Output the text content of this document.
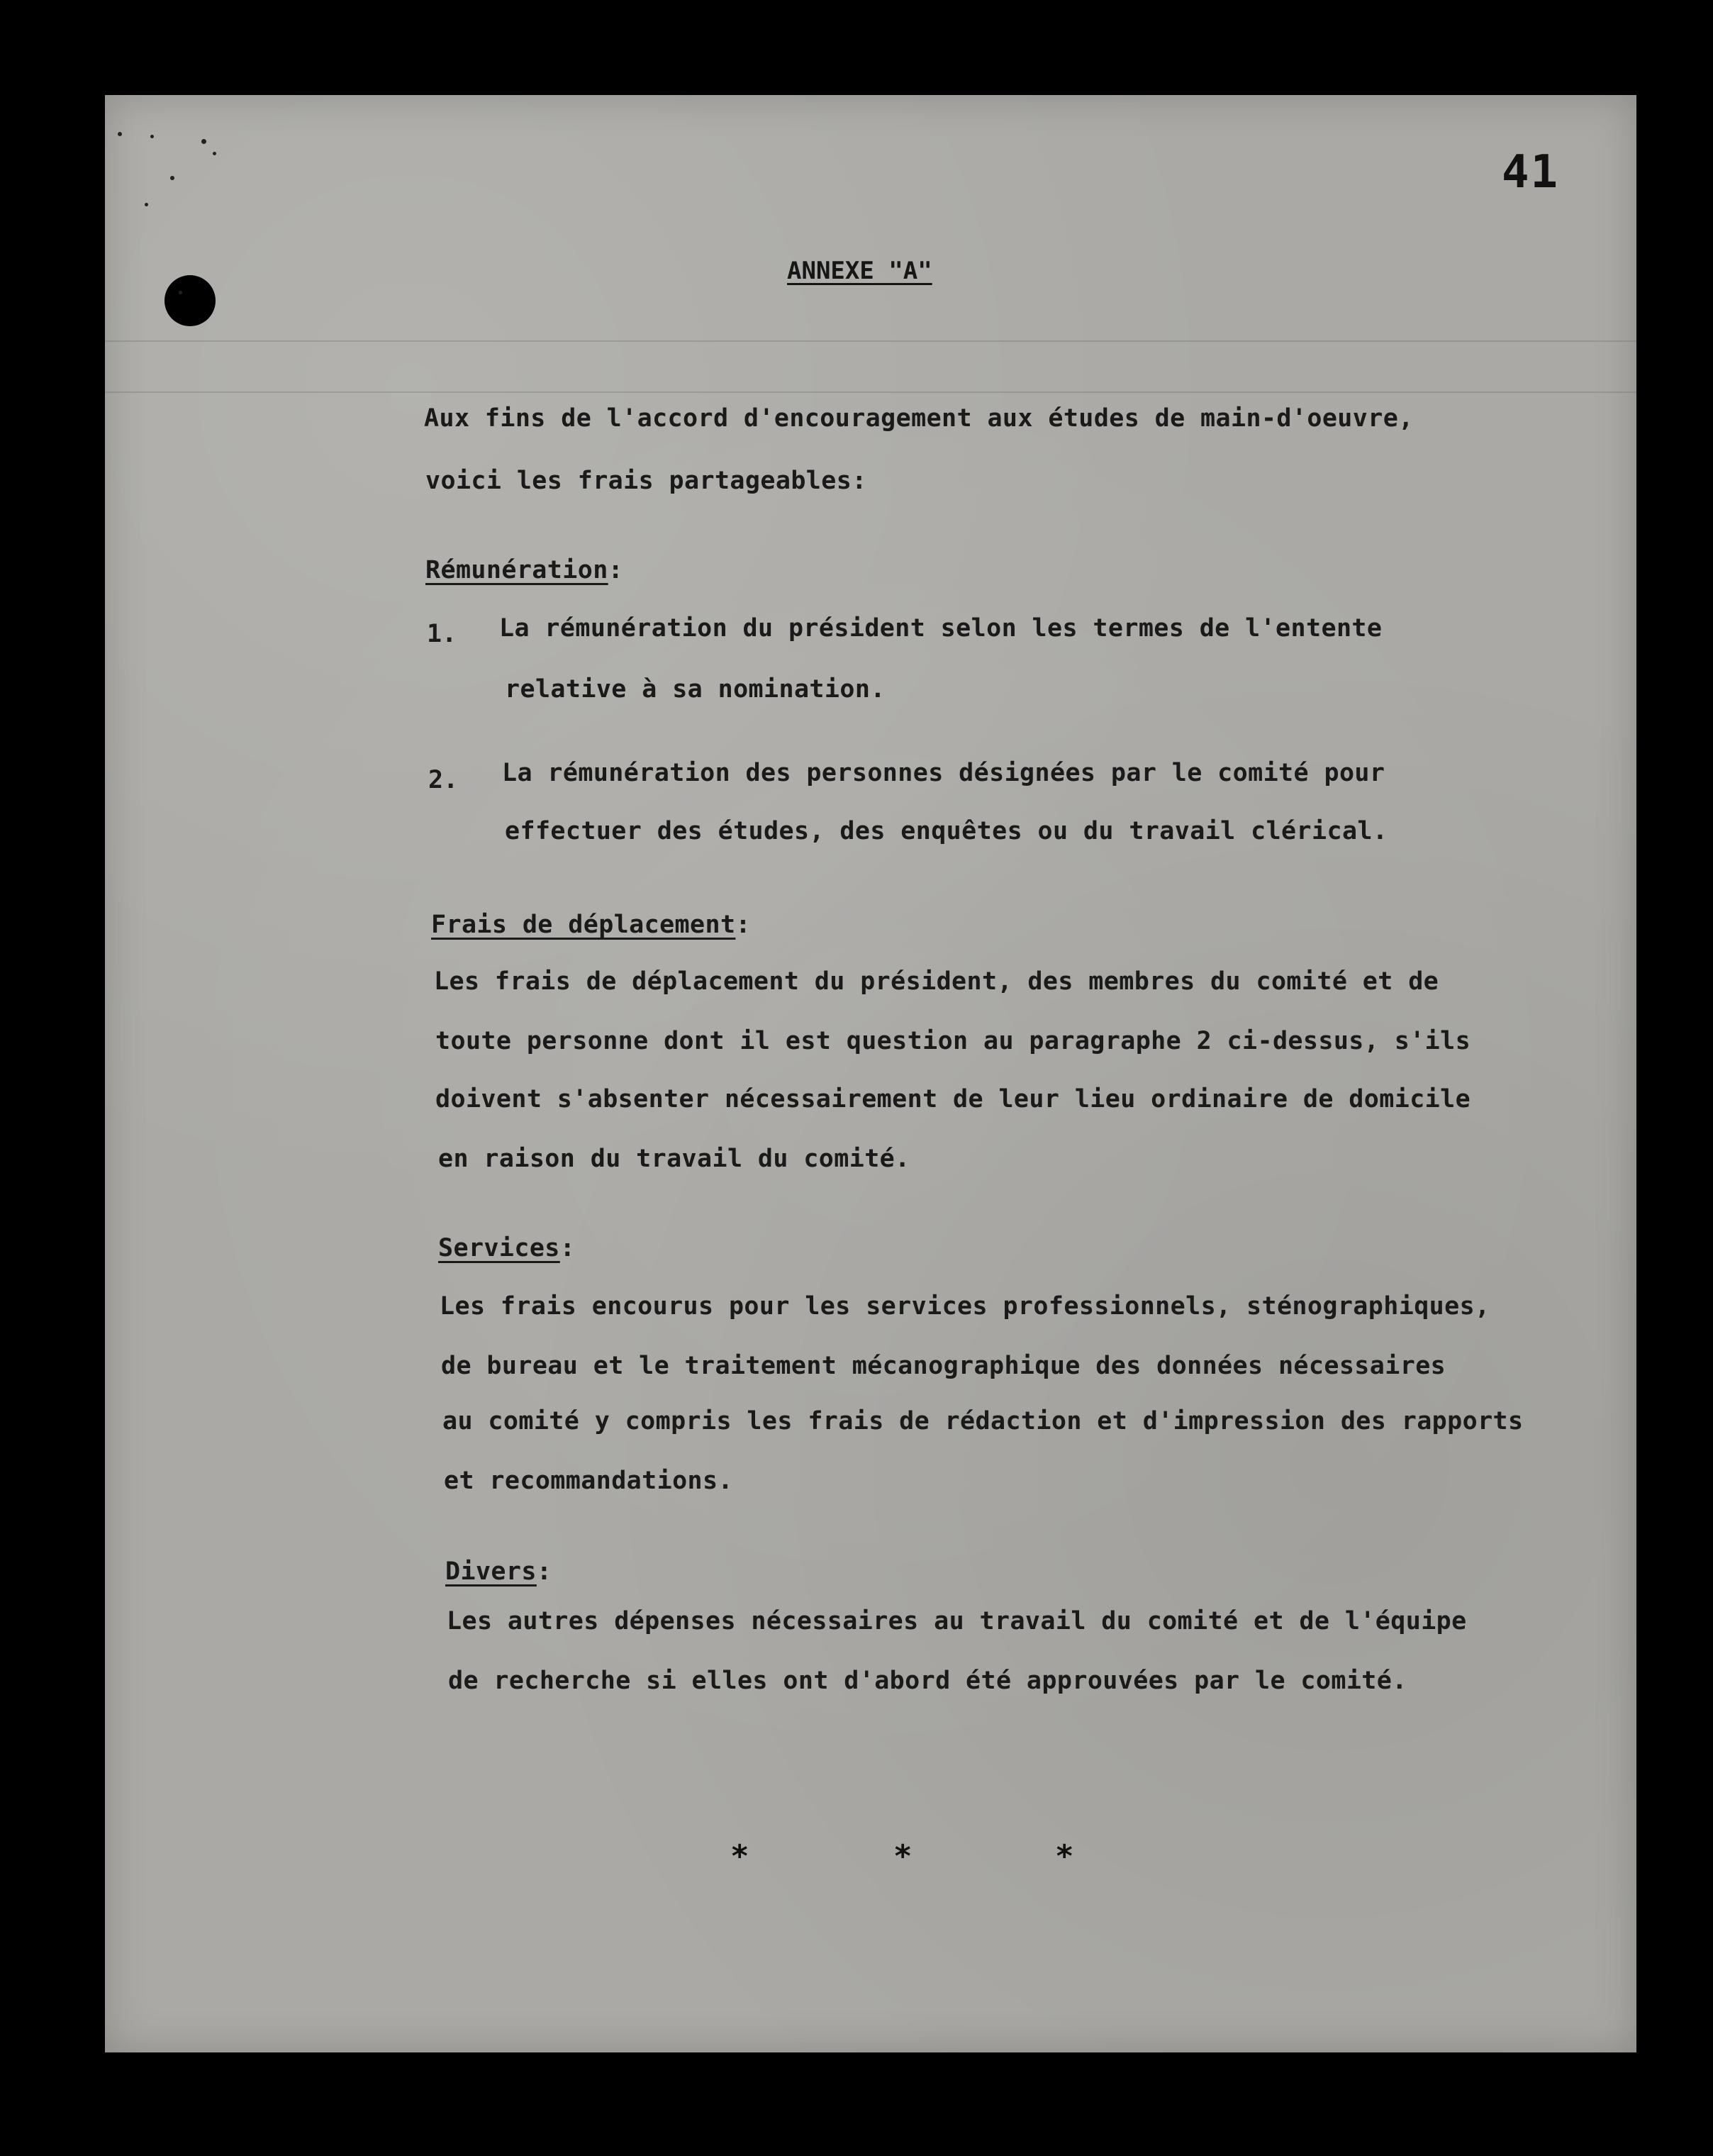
41
ANNEXE "A"
Aux fins de l'accord d'encouragement aux études de main-d'oeuvre,
voici les frais partageables:
Rémunération:
1. La rémunération du président selon les termes de l'entente
relative à sa nomination.
2. La rémunération des personnes désignées par le comité pour
effectuer des études, des enquêtes ou du travail clérical.
Frais de déplacement:
Les frais de déplacement du président, des membres du comité et de
toute personne dont il est question au paragraphe 2 ci-dessus, s'ils
doivent s'absenter nécessairement de leur lieu ordinaire de domicile
en raison du travail du comité.
Services:
Les frais encourus pour les services professionnels, sténographiques,
de bureau et le traitement mécanographique des données nécessaires
au comité y compris les frais de rédaction et d'impression des rapports
et recommandations.
Divers:
Les autres dépenses nécessaires au travail du comité et de l'équipe
de recherche si elles ont d'abord été approuvées par le comité.
*	*	*
